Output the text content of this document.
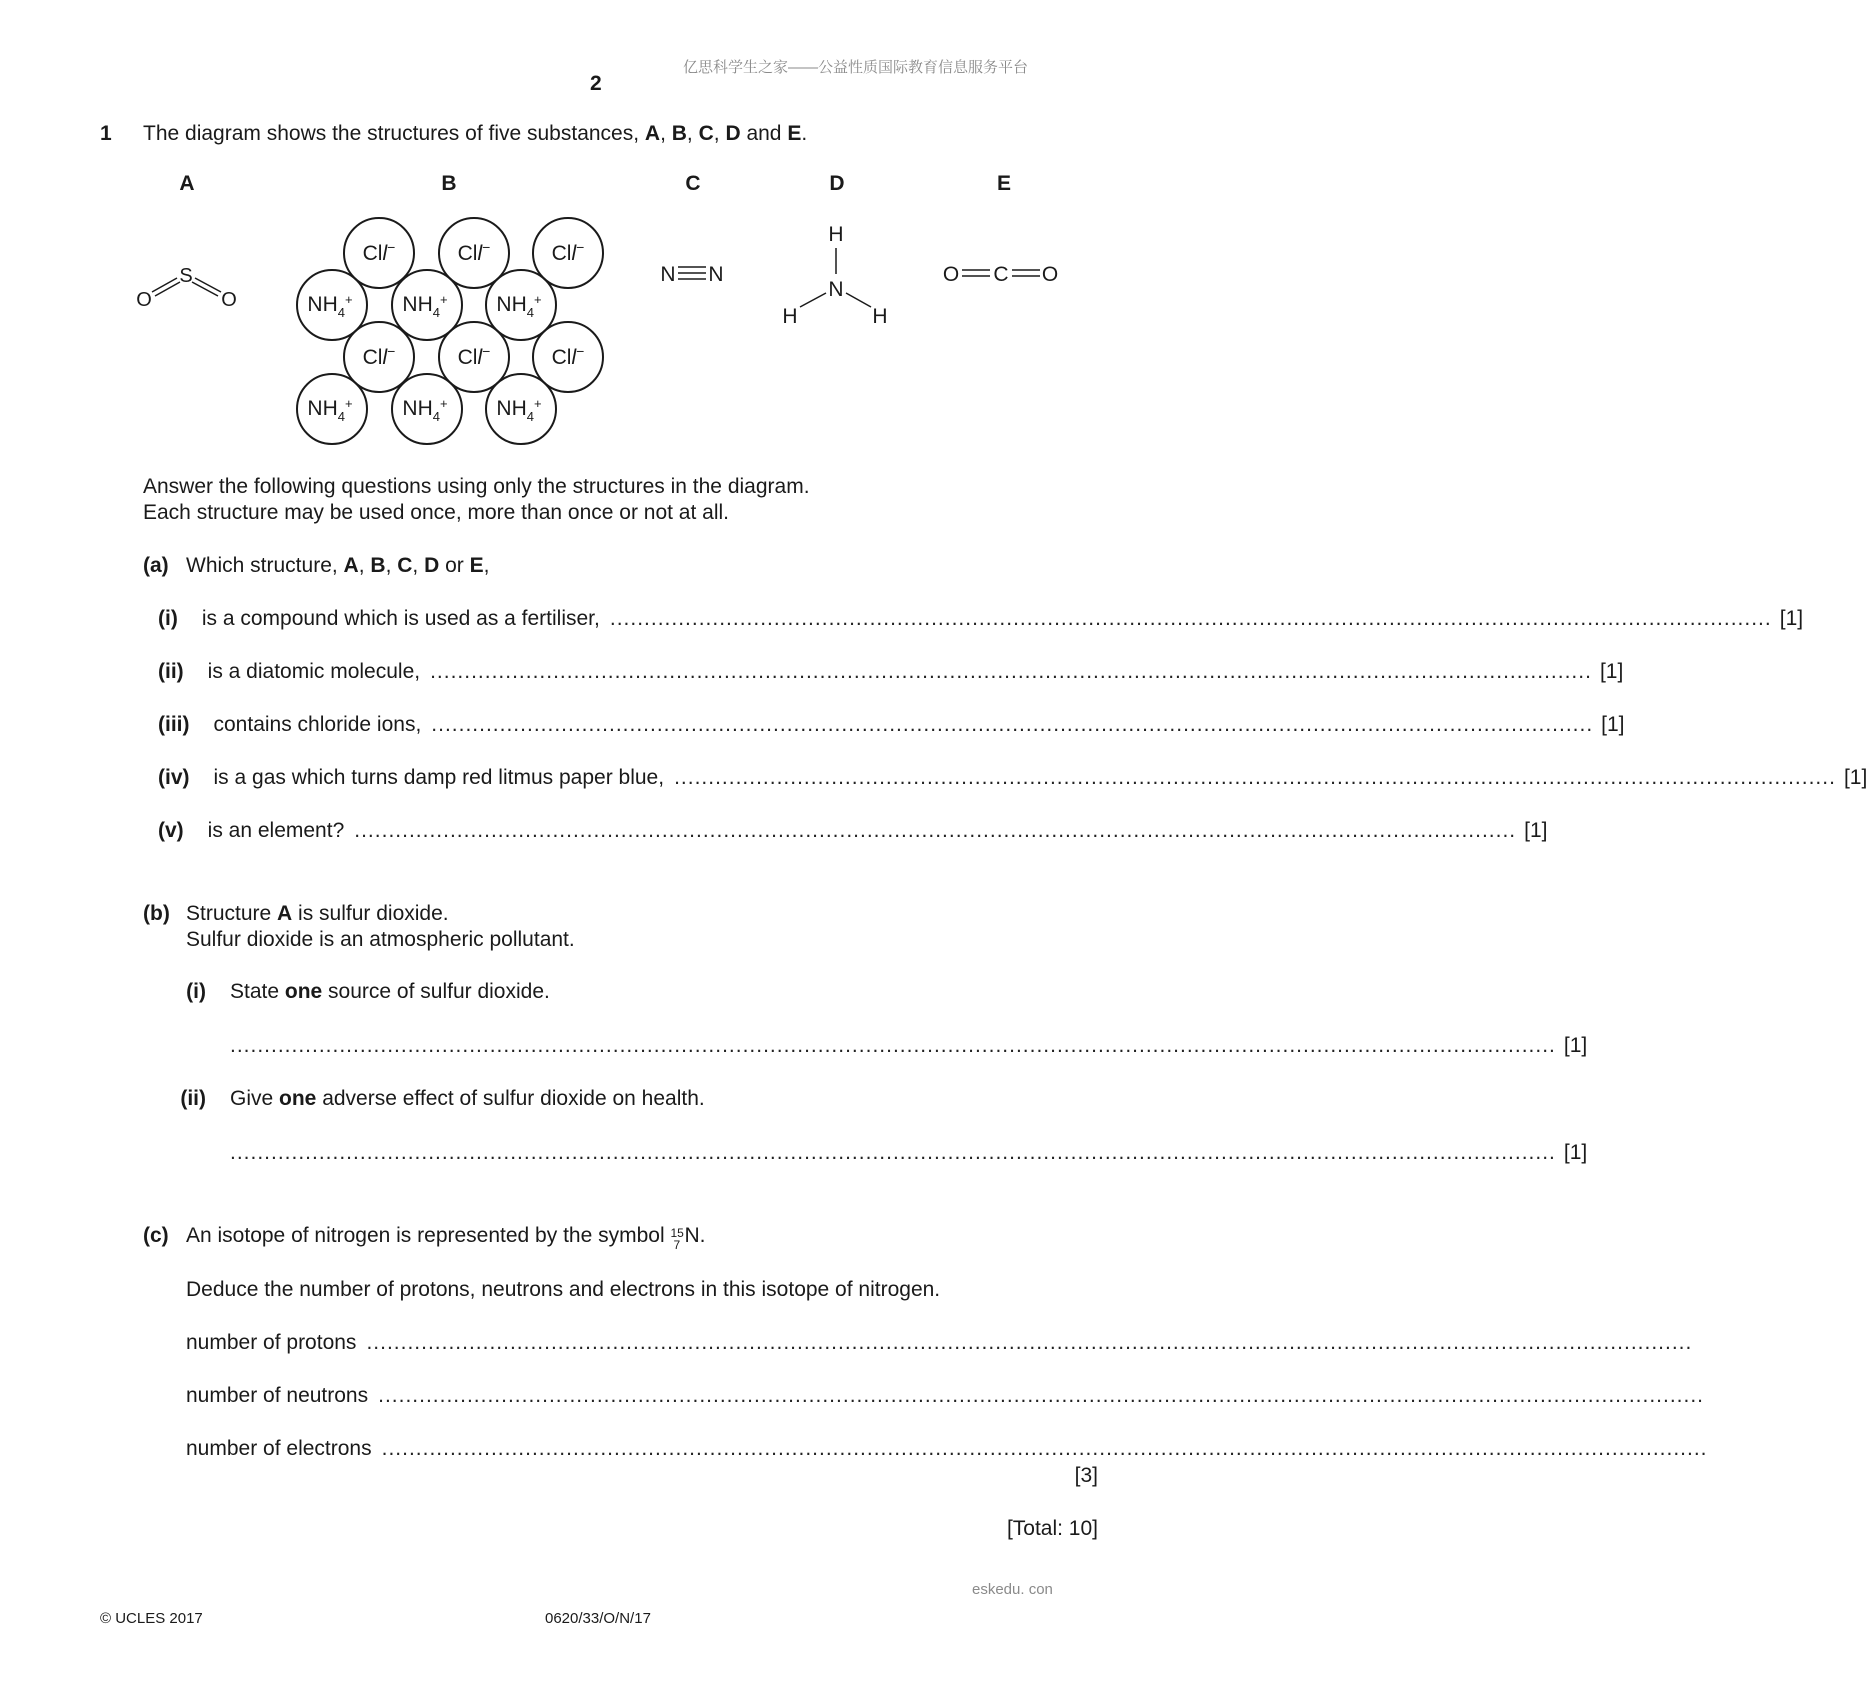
亿思科学生之家——公益性质国际教育信息服务平台
2
1 The diagram shows the structures of five substances, A, B, C, D and E.
A	B	C	D	E
S
O	O
Cll−	Cll−	Cll−
Cll−	Cll−	Cll−
$NH_4^+$ $NH_4^+$ $NH_4^+$
$NH_4^+$ $NH_4^+$ $NH_4^+$
N N
H
N
H	H
O C O
Answer the following questions using only the structures in the diagram.
Each structure may be used once, more than once or not at all.
(a) Which structure, A, B, C, D or E,
(i) is a compound which is used as a fertiliser, .......................................................................................................................................................................... [1]
(ii) is a diatomic molecule, .......................................................................................................................................................................... [1]
(iii) contains chloride ions, .......................................................................................................................................................................... [1]
(iv) is a gas which turns damp red litmus paper blue, .......................................................................................................................................................................... [1]
(v) is an element? .......................................................................................................................................................................... [1]
(b) Structure A is sulfur dioxide.
Sulfur dioxide is an atmospheric pollutant.
(i) State one source of sulfur dioxide.
.................................................................................................................................................................................................. [1]
(ii) Give one adverse effect of sulfur dioxide on health.
.................................................................................................................................................................................................. [1]
(c) An isotope of nitrogen is represented by the symbol 15
7 N.
Deduce the number of protons, neutrons and electrons in this isotope of nitrogen.
number of protons ..................................................................................................................................................................................................
number of neutrons ..................................................................................................................................................................................................
number of electrons ..................................................................................................................................................................................................
[3]
[Total: 10]
eskedu. con
© UCLES 2017	0620/33/O/N/17
